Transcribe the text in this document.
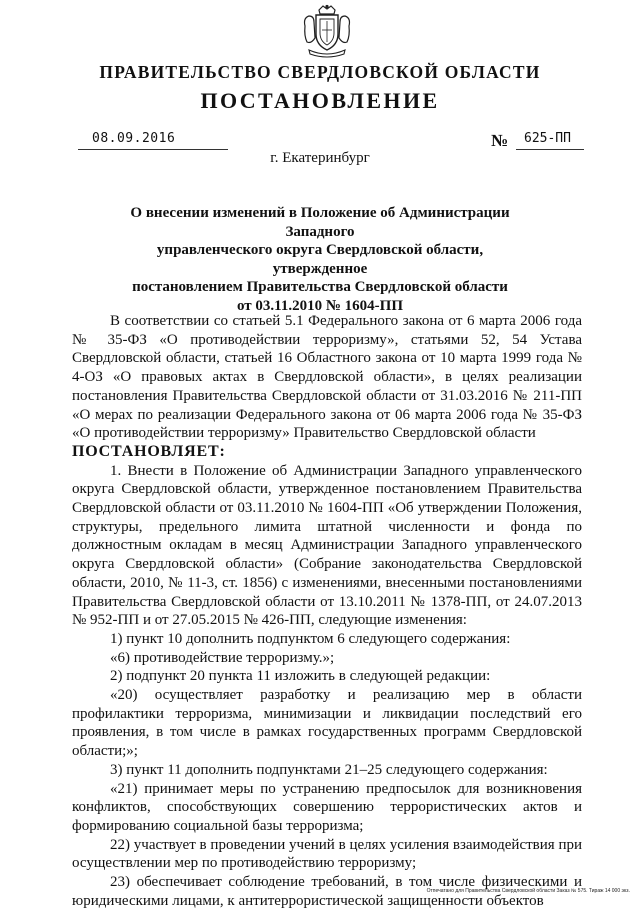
ПРАВИТЕЛЬСТВО СВЕРДЛОВСКОЙ ОБЛАСТИ
ПОСТАНОВЛЕНИЕ
08.09.2016	№ 625-ПП
г. Екатеринбург
О внесении изменений в Положение об Администрации Западного
управленческого округа Свердловской области, утвержденное
постановлением Правительства Свердловской области
от 03.11.2010 № 1604-ПП

В соответствии со статьей 5.1 Федерального закона от 6 марта 2006 года № 35-ФЗ «О противодействии терроризму», статьями 52, 54 Устава Свердловской области, статьей 16 Областного закона от 10 марта 1999 года № 4-ОЗ «О правовых актах в Свердловской области», в целях реализации постановления Правительства Свердловской области от 31.03.2016 № 211-ПП «О мерах по реализации Федерального закона от 06 марта 2006 года № 35-ФЗ «О противодействии терроризму» Правительство Свердловской области

ПОСТАНОВЛЯЕТ:

1. Внести в Положение об Администрации Западного управленческого округа Свердловской области, утвержденное постановлением Правительства Свердловской области от 03.11.2010 № 1604-ПП «Об утверждении Положения, структуры, предельного лимита штатной численности и фонда по должностным окладам в месяц Администрации Западного управленческого округа Свердловской области» (Собрание законодательства Свердловской области, 2010, № 11-3, ст. 1856) с изменениями, внесенными постановлениями Правительства Свердловской области от 13.10.2011 № 1378-ПП, от 24.07.2013 № 952-ПП и от 27.05.2015 № 426-ПП, следующие изменения:

1) пункт 10 дополнить подпунктом 6 следующего содержания:

«6) противодействие терроризму.»;

2) подпункт 20 пункта 11 изложить в следующей редакции:

«20) осуществляет разработку и реализацию мер в области профилактики терроризма, минимизации и ликвидации последствий его проявления, в том числе в рамках государственных программ Свердловской области;»;

3) пункт 11 дополнить подпунктами 21–25 следующего содержания:

«21) принимает меры по устранению предпосылок для возникновения конфликтов, способствующих совершению террористических актов и формированию социальной базы терроризма;

22) участвует в проведении учений в целях усиления взаимодействия при осуществлении мер по противодействию терроризму;

23) обеспечивает соблюдение требований, в том числе физическими и юридическими лицами, к антитеррористической защищенности объектов

Отпечатано для Правительства Свердловской области Заказ № 575. Тираж 14 000 экз.
